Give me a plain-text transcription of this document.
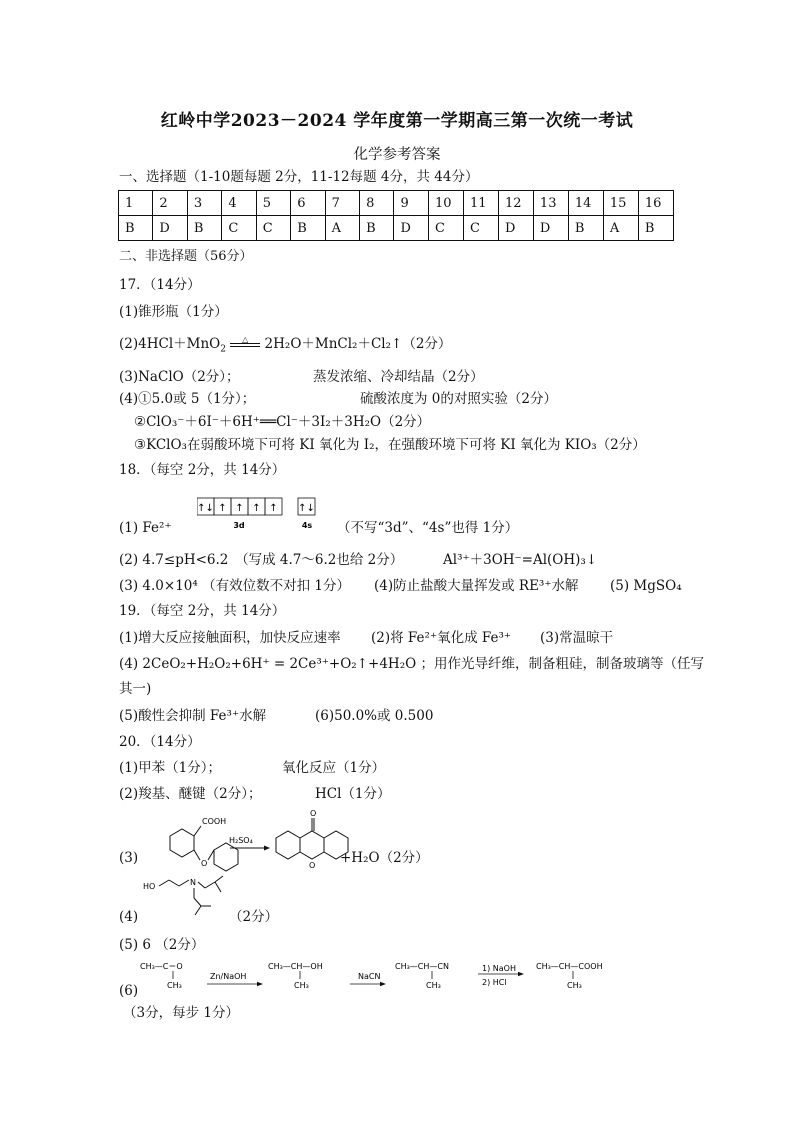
红岭中学2023－2024 学年度第一学期高三第一次统一考试
化学参考答案
一、选择题（1-10题每题 2分，11-12每题 4分，共 44分）
1	2	3	4	5	6	7	8	9	10	11	12	13	14	15	16
B	D	B	C	C	B	A	B	D	C	C	D	D	B	A	B
二、非选择题（56分）
17．（14分）
(1)锥形瓶（1分）
(2)4HCl＋MnO$_2$
△	2H₂O＋MnCl₂＋Cl₂↑（2分）
(3)NaClO（2分）；	蒸发浓缩、冷却结晶（2分）
(4)①5.0或 5（1分）；	硫酸浓度为 0的对照实验（2分）
②ClO₃⁻＋6I⁻＋6H⁺══Cl⁻＋3I₂＋3H₂O（2分）
③KClO₃在弱酸环境下可将 KI 氧化为 I₂，在强酸环境下可将 KI 氧化为 KIO₃（2分）
18．（每空 2分，共 14分）
↑↓ ↑ ↑ ↑ ↑ ↑↓
3d	4s
(1) Fe²⁺	（不写“3d”、“4s”也得 1分）
(2) 4.7≤pH<6.2　（写成 4.7～6.2也给 2分）	Al³⁺＋3OH⁻=Al(OH)₃↓
(3) 4.0×10⁴ （有效位数不对扣 1分） (4)防止盐酸大量挥发或 RE³⁺水解 (5) MgSO₄
19．（每空 2分，共 14分）
(1)增大反应接触面积，加快反应速率 (2)将 Fe²⁺氧化成 Fe³⁺ (3)常温晾干
(4) 2CeO₂+H₂O₂+6H⁺ = 2Ce³⁺+O₂↑+4H₂O ；用作光导纤维，制备粗硅，制备玻璃等（任写
其一)
(5)酸性会抑制 Fe³⁺水解	(6)50.0%或 0.500
20．（14分）
(1)甲苯（1分）；	氧化反应（1分）
(2)羧基、醚键（2分）；	HCl（1分）
(3)
COOH
O
H₂SO₄
O
O +H₂O（2分）
(4)
HO	N
（2分）
(5) 6 （2分）
(6)
CH₃—C＝O
CH₃
Zn/NaOH
CH₃—CH—OH
CH₃
NaCN
CH₃—CH—CN
CH₃
1) NaOH
2) HCl
CH₃—CH—COOH
CH₃
（3分，每步 1分）
